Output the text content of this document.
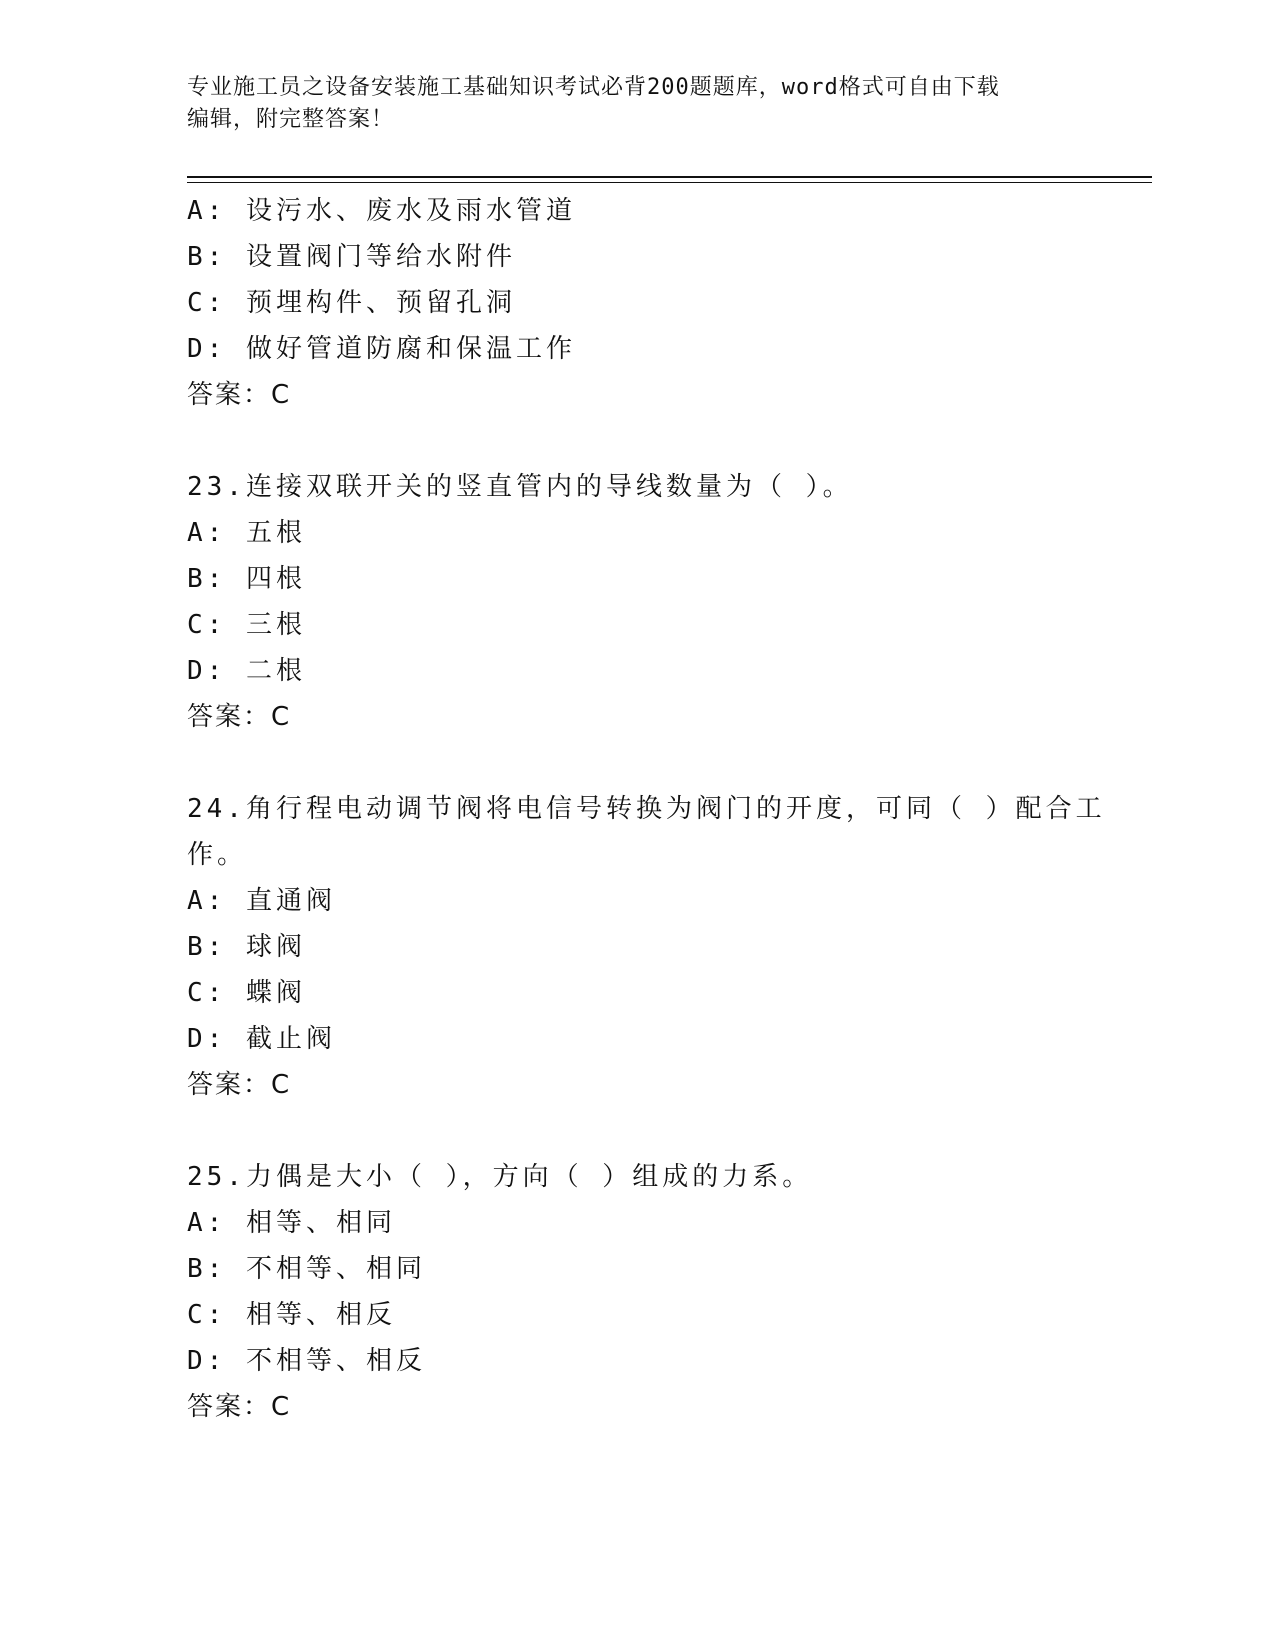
专业施工员之设备安装施工基础知识考试必背200题题库，word格式可自由下载
编辑，附完整答案！
A: 设污水、废水及雨水管道
B: 设置阀门等给水附件
C: 预埋构件、预留孔洞
D: 做好管道防腐和保温工作
答案：C
23.连接双联开关的竖直管内的导线数量为（ ）。
A: 五根
B: 四根
C: 三根
D: 二根
答案：C
24.角行程电动调节阀将电信号转换为阀门的开度，可同（ ）配合工
作。
A: 直通阀
B: 球阀
C: 蝶阀
D: 截止阀
答案：C
25.力偶是大小（ ），方向（ ）组成的力系。
A: 相等、相同
B: 不相等、相同
C: 相等、相反
D: 不相等、相反
答案：C
